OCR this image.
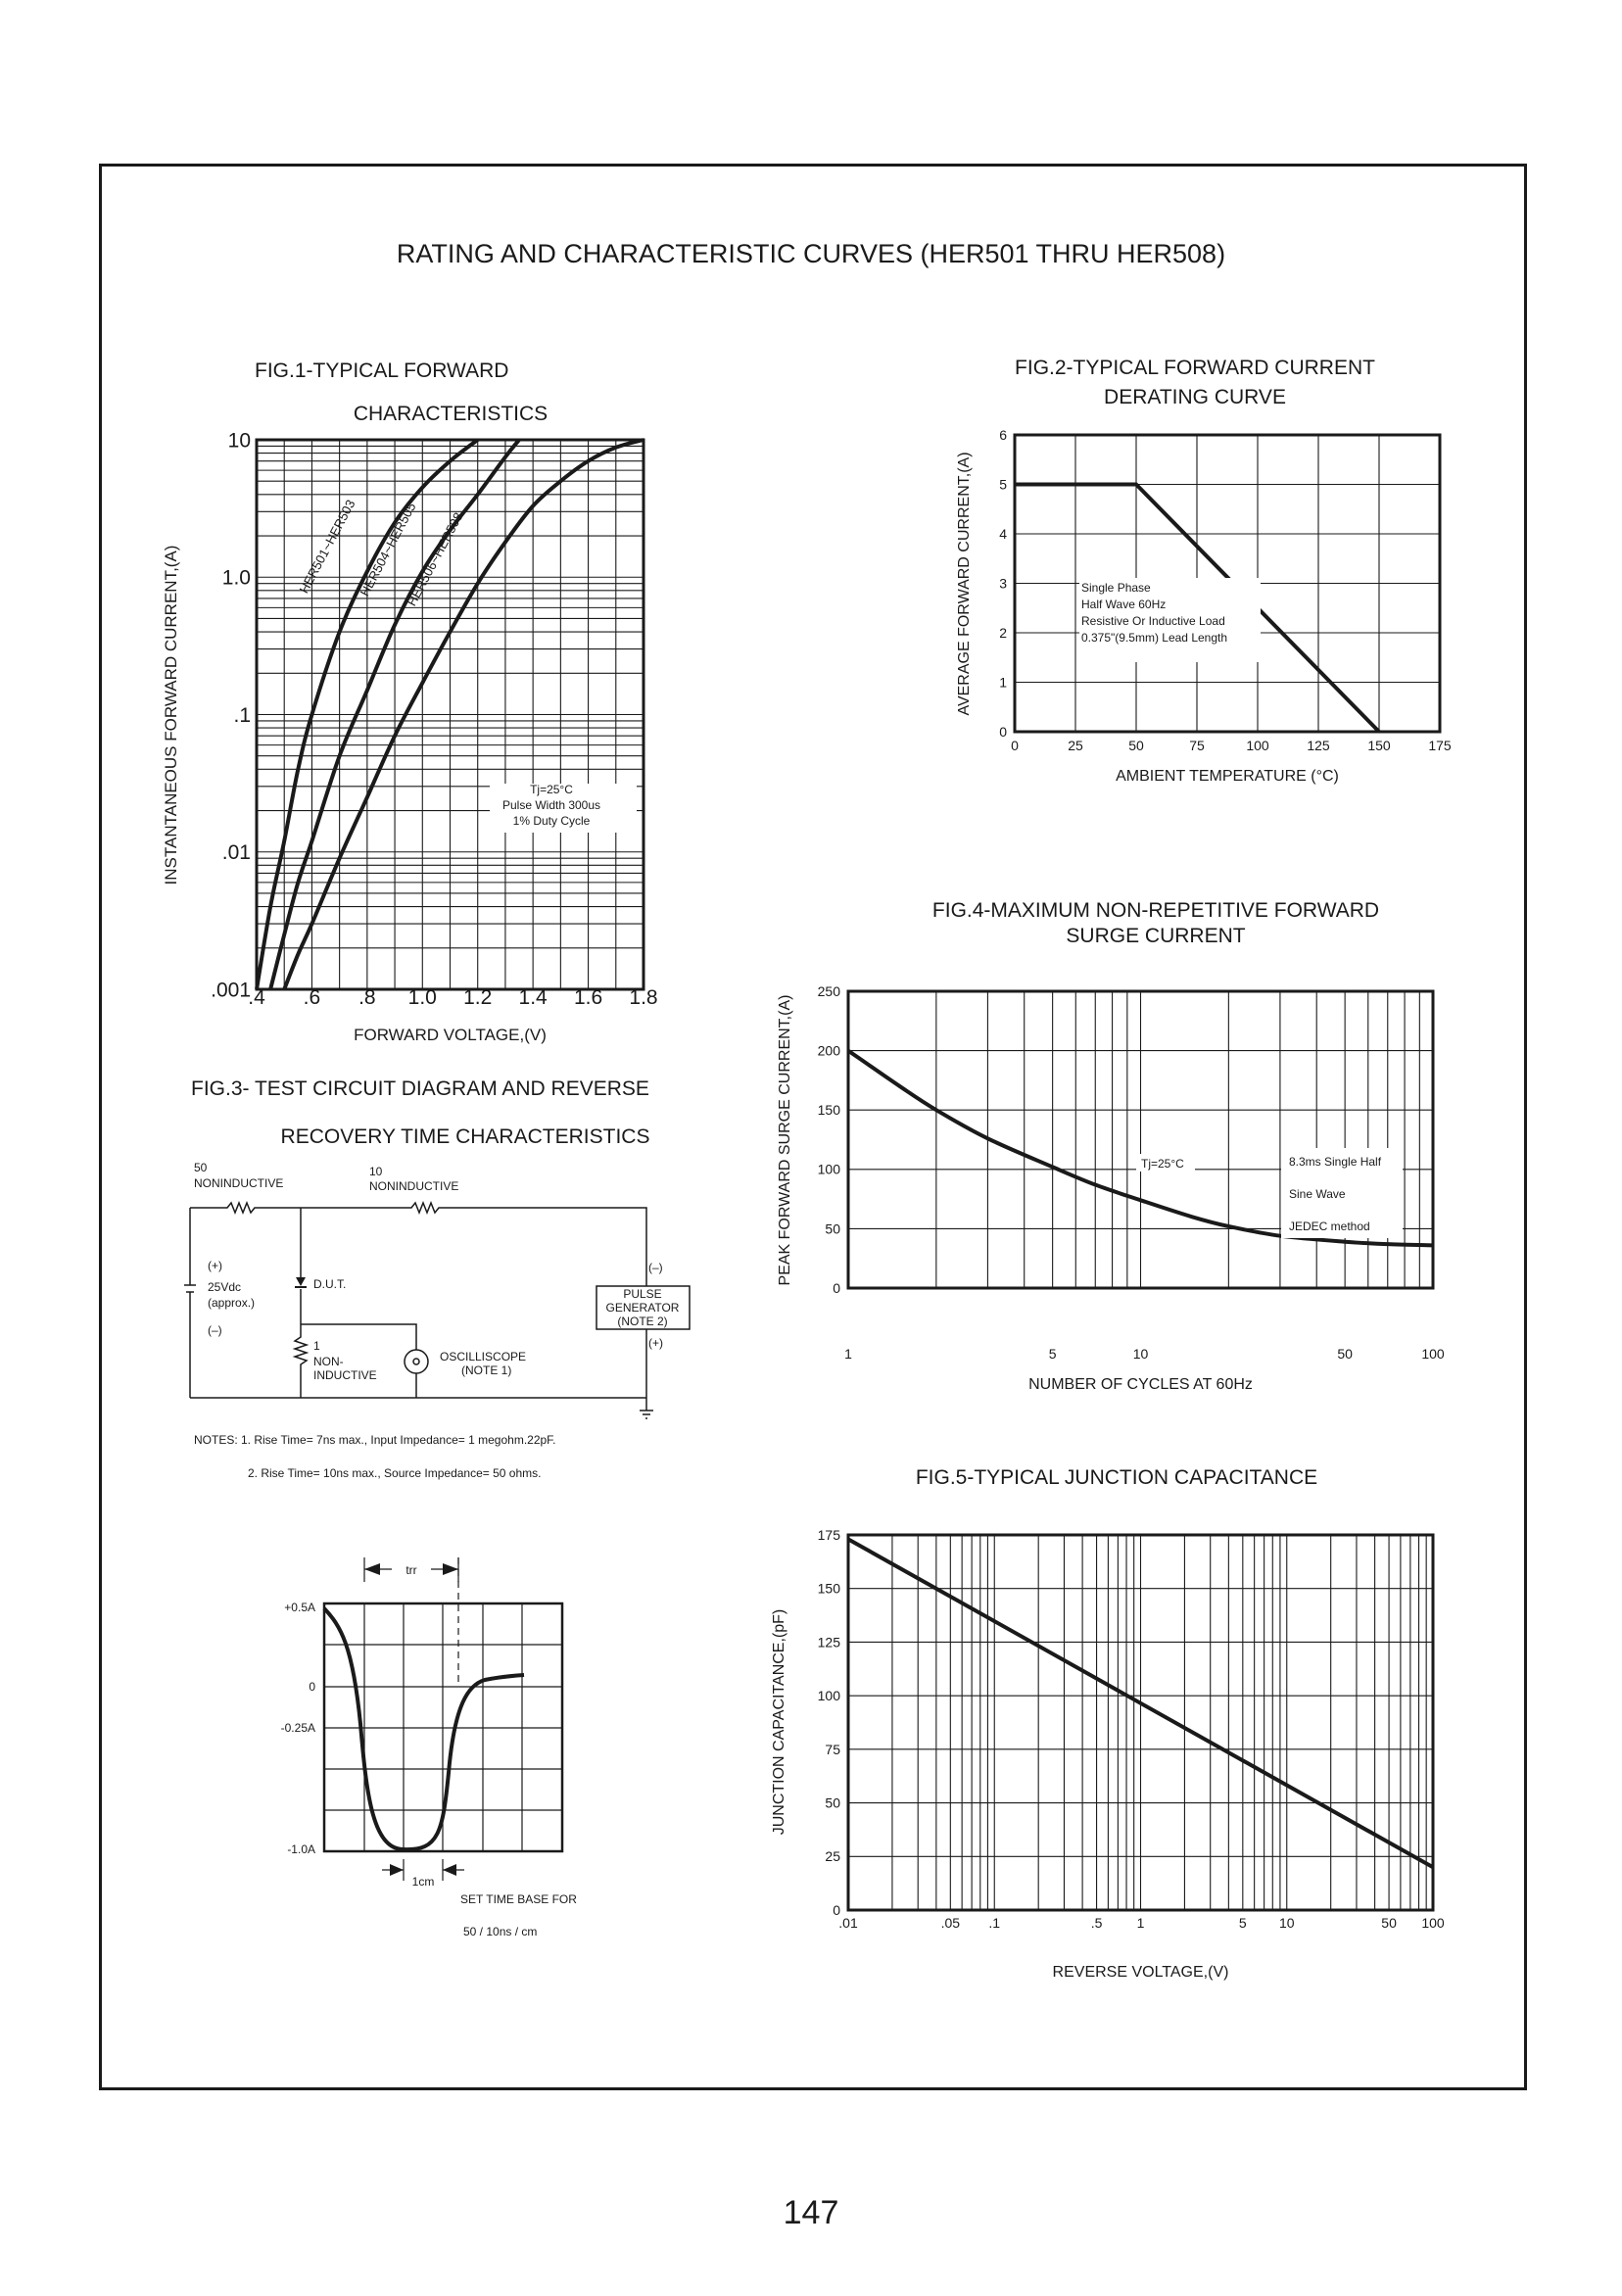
RATING AND CHARACTERISTIC CURVES (HER501 THRU HER508)
FIG.1-TYPICAL FORWARD
CHARACTERISTICS
.4 .6 .8 1.0 1.2 1.4 1.6 1.8
.001
.01
.1
1.0
10
FORWARD VOLTAGE,(V)
INSTANTANEOUS FORWARD CURRENT,(A)	HER501~HER503 HER504~HER505
HER506~HER508
Tj=25°C
Pulse Width 300us
1% Duty Cycle
FIG.2-TYPICAL FORWARD CURRENT
DERATING CURVE
0	25	50	75	100	125	150	175
0
1
2
3
4
5
6
AMBIENT TEMPERATURE (°C)
AVERAGE FORWARD CURRENT,(A)	Single Phase
Half Wave 60Hz
Resistive Or Inductive Load
0.375"(9.5mm) Lead Length
FIG.3- TEST CIRCUIT DIAGRAM AND REVERSE
RECOVERY TIME CHARACTERISTICS
50
NONINDUCTIVE
10
NONINDUCTIVE
(+)
25Vdc
(approx.)
(–)
D.U.T.
1
NON-
INDUCTIVE
OSCILLISCOPE
(NOTE 1)
(–)
PULSE
GENERATOR
(NOTE 2)
(+)
NOTES: 1. Rise Time= 7ns max., Input Impedance= 1 megohm.22pF.
2. Rise Time= 10ns max., Source Impedance= 50 ohms.
trr
+0.5A
0
-0.25A
-1.0A
1cm
SET TIME BASE FOR
50 / 10ns / cm
FIG.4-MAXIMUM NON-REPETITIVE FORWARD
SURGE CURRENT
1	5	10	50	100
0
50
100
150
200
250
NUMBER OF CYCLES AT 60Hz
PEAK FORWARD SURGE CURRENT,(A)	Tj=25°C	8.3ms Single Half
Sine Wave
JEDEC method
FIG.5-TYPICAL JUNCTION CAPACITANCE
.01	.05 .1	.5	1	5 10	50 100
0
25
50
75
100
125
150
175
REVERSE VOLTAGE,(V)
JUNCTION CAPACITANCE,(pF)
147
